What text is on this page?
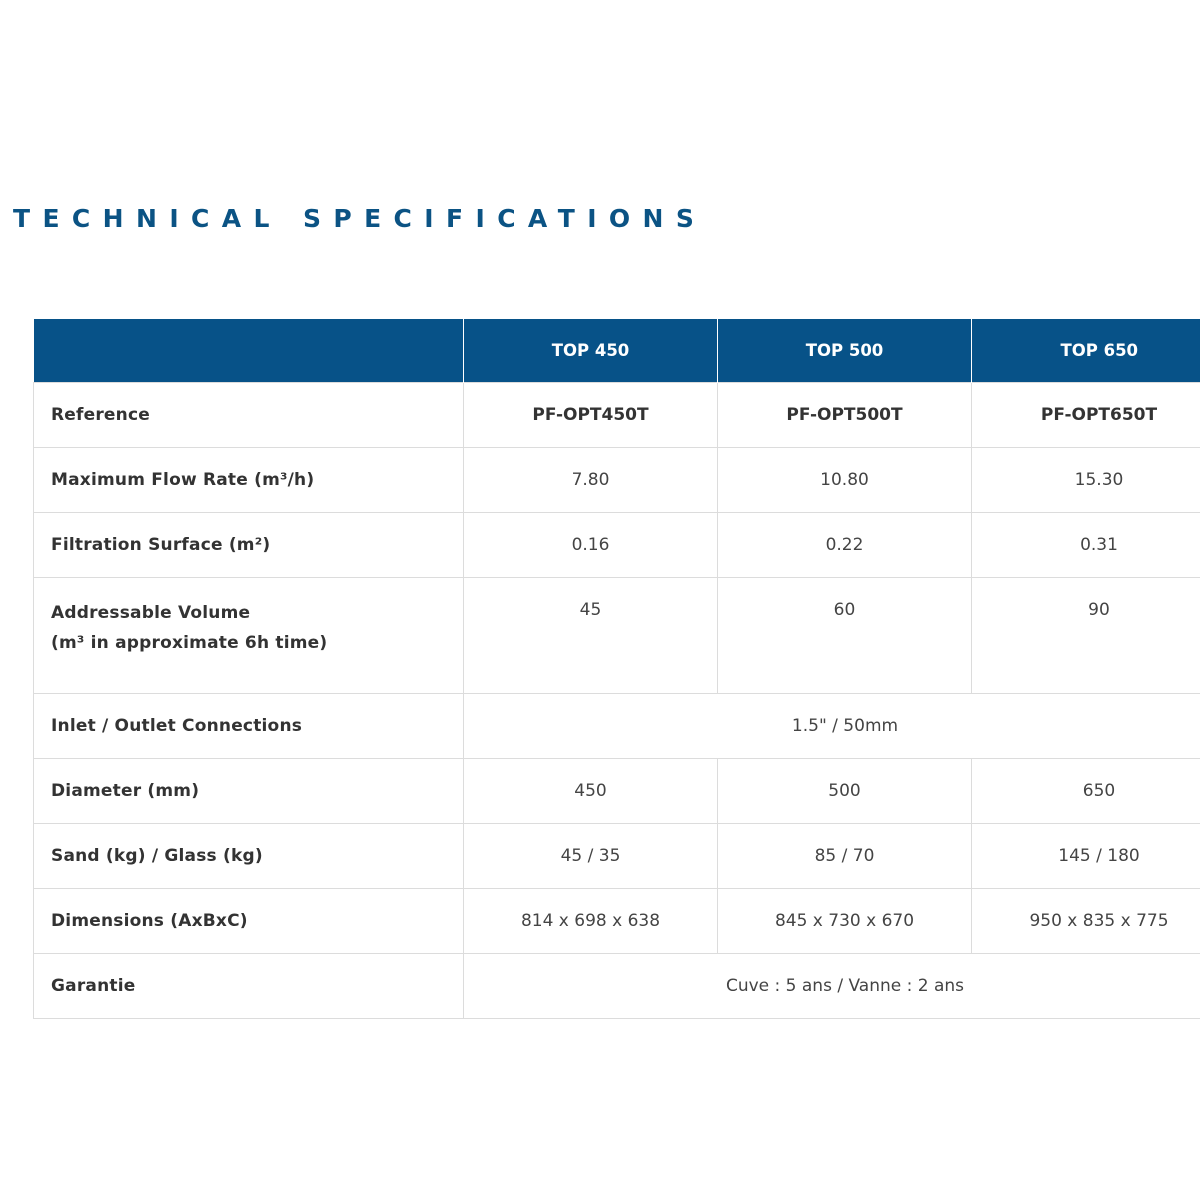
TECHNICAL SPECIFICATIONS
	TOP 450	TOP 500	TOP 650
Reference	PF-OPT450T	PF-OPT500T	PF-OPT650T
Maximum Flow Rate (m³/h)	7.80	10.80	15.30
Filtration Surface (m²)	0.16	0.22	0.31

Addressable Volume
(m³ in approximate 6h time)	45	60	90
Inlet / Outlet Connections	1.5" / 50mm		
Diameter (mm)	450	500	650
Sand (kg) / Glass (kg)	45 / 35	85 / 70	145 / 180
Dimensions (AxBxC)	814 x 698 x 638	845 x 730 x 670	950 x 835 x 775
Garantie	Cuve : 5 ans / Vanne : 2 ans		
